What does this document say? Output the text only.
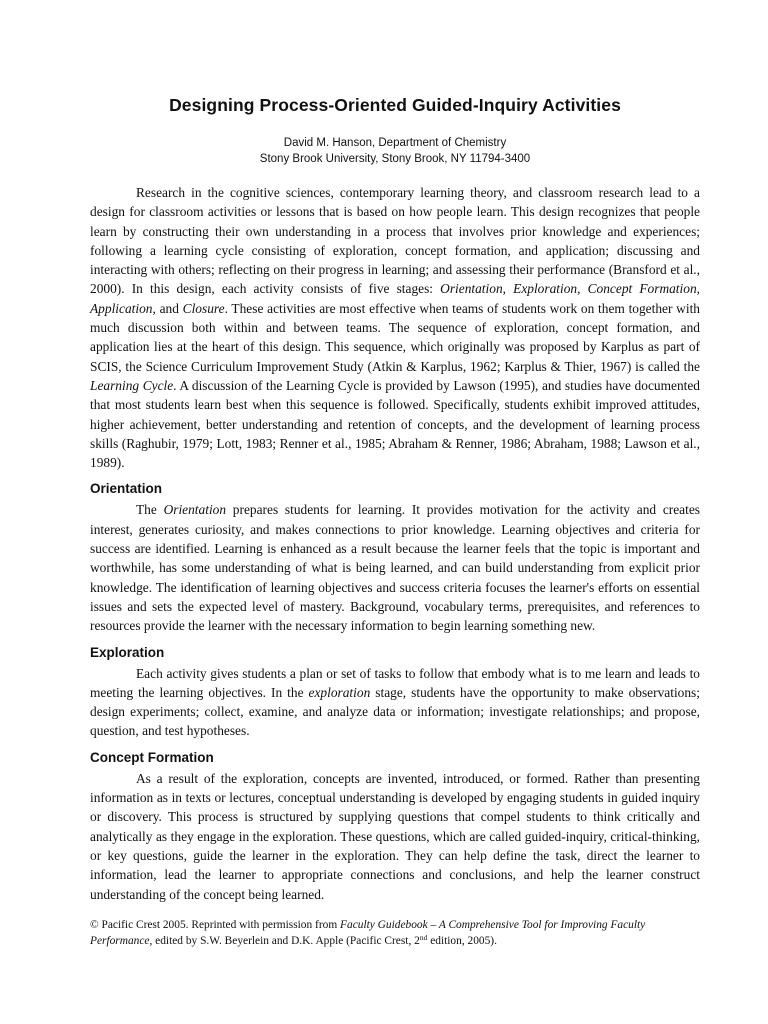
Designing Process-Oriented Guided-Inquiry Activities
David M. Hanson, Department of Chemistry
Stony Brook University, Stony Brook, NY 11794-3400

Research in the cognitive sciences, contemporary learning theory, and classroom research lead to a design for classroom activities or lessons that is based on how people learn. This design recognizes that people learn by constructing their own understanding in a process that involves prior knowledge and experiences; following a learning cycle consisting of exploration, concept formation, and application; discussing and interacting with others; reflecting on their progress in learning; and assessing their performance (Bransford et al., 2000). In this design, each activity consists of five stages: Orientation, Exploration, Concept Formation, Application, and Closure. These activities are most effective when teams of students work on them together with much discussion both within and between teams. The sequence of exploration, concept formation, and application lies at the heart of this design. This sequence, which originally was proposed by Karplus as part of SCIS, the Science Curriculum Improvement Study (Atkin & Karplus, 1962; Karplus & Thier, 1967) is called the Learning Cycle. A discussion of the Learning Cycle is provided by Lawson (1995), and studies have documented that most students learn best when this sequence is followed. Specifically, students exhibit improved attitudes, higher achievement, better understanding and retention of concepts, and the development of learning process skills (Raghubir, 1979; Lott, 1983; Renner et al., 1985; Abraham & Renner, 1986; Abraham, 1988; Lawson et al., 1989).

Orientation

The Orientation prepares students for learning. It provides motivation for the activity and creates interest, generates curiosity, and makes connections to prior knowledge. Learning objectives and criteria for success are identified. Learning is enhanced as a result because the learner feels that the topic is important and worthwhile, has some understanding of what is being learned, and can build understanding from explicit prior knowledge. The identification of learning objectives and success criteria focuses the learner's efforts on essential issues and sets the expected level of mastery. Background, vocabulary terms, prerequisites, and references to resources provide the learner with the necessary information to begin learning something new.

Exploration

Each activity gives students a plan or set of tasks to follow that embody what is to me learn and leads to meeting the learning objectives. In the exploration stage, students have the opportunity to make observations; design experiments; collect, examine, and analyze data or information; investigate relationships; and propose, question, and test hypotheses.

Concept Formation

As a result of the exploration, concepts are invented, introduced, or formed. Rather than presenting information as in texts or lectures, conceptual understanding is developed by engaging students in guided inquiry or discovery. This process is structured by supplying questions that compel students to think critically and analytically as they engage in the exploration. These questions, which are called guided-inquiry, critical-thinking, or key questions, guide the learner in the exploration. They can help define the task, direct the learner to information, lead the learner to appropriate connections and conclusions, and help the learner construct understanding of the concept being learned.

© Pacific Crest 2005. Reprinted with permission from Faculty Guidebook – A Comprehensive Tool for Improving Faculty Performance, edited by S.W. Beyerlein and D.K. Apple (Pacific Crest, 2nd edition, 2005).
